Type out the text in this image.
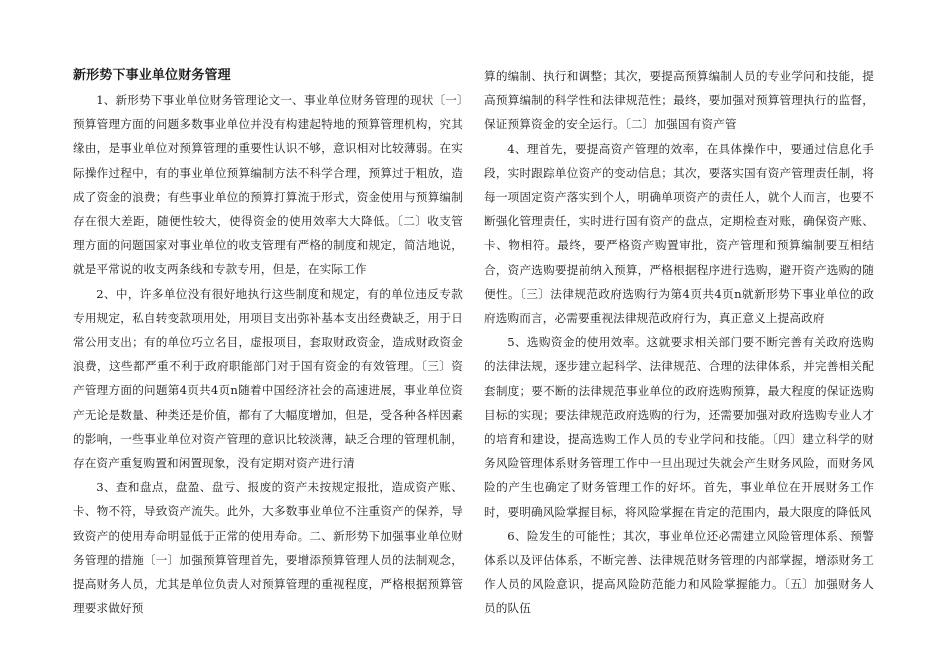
新形势下事业单位财务管理

1、新形势下事业单位财务管理论文一、事业单位财务管理的现状〔一〕预算管理方面的问题多数事业单位并没有构建起特地的预算管理机构，究其缘由，是事业单位对预算管理的重要性认识不够，意识相对比较薄弱。在实际操作过程中，有的事业单位预算编制方法不科学合理，预算过于粗放，造成了资金的浪费；有些事业单位的预算打算流于形式，资金使用与预算编制存在很大差距，随便性较大，使得资金的使用效率大大降低。〔二〕收支管理方面的问题国家对事业单位的收支管理有严格的制度和规定，简洁地说，就是平常说的收支两条线和专款专用，但是，在实际工作

2、中，许多单位没有很好地执行这些制度和规定，有的单位违反专款专用规定，私自转变款项用处，用项目支出弥补基本支出经费缺乏，用于日常公用支出；有的单位巧立名目，虚报项目，套取财政资金，造成财政资金浪费，这些都严重不利于政府职能部门对于国有资金的有效管理。〔三〕资产管理方面的问题第4页共4页n随着中国经济社会的高速进展，事业单位资产无论是数量、种类还是价值，都有了大幅度增加，但是，受各种各样因素的影响，一些事业单位对资产管理的意识比较淡薄，缺乏合理的管理机制，存在资产重复购置和闲置现象，没有定期对资产进行清

3、查和盘点，盘盈、盘亏、报废的资产未按规定报批，造成资产账、卡、物不符，导致资产流失。此外，大多数事业单位不注重资产的保养，导致资产的使用寿命明显低于正常的使用寿命。二、新形势下加强事业单位财务管理的措施〔一〕加强预算管理首先，要增添预算管理人员的法制观念，提高财务人员，尤其是单位负责人对预算管理的重视程度，严格根据预算管理要求做好预

算的编制、执行和调整；其次，要提高预算编制人员的专业学问和技能，提高预算编制的科学性和法律规范性；最终，要加强对预算管理执行的监督，保证预算资金的安全运行。〔二〕加强国有资产管

4、理首先，要提高资产管理的效率，在具体操作中，要通过信息化手段，实时跟踪单位资产的变动信息；其次，要落实国有资产管理责任制，将每一项固定资产落实到个人，明确单项资产的责任人，就个人而言，也要不断强化管理责任，实时进行国有资产的盘点，定期检查对账，确保资产账、卡、物相符。最终，要严格资产购置审批，资产管理和预算编制要互相结合，资产选购要提前纳入预算，严格根据程序进行选购，避开资产选购的随便性。〔三〕法律规范政府选购行为第4页共4页n就新形势下事业单位的政府选购而言，必需要重视法律规范政府行为，真正意义上提高政府

5、选购资金的使用效率。这就要求相关部门要不断完善有关政府选购的法律法规，逐步建立起科学、法律规范、合理的法律体系，并完善相关配套制度；要不断的法律规范事业单位的政府选购预算，最大程度的保证选购目标的实现；要法律规范政府选购的行为，还需要加强对政府选购专业人才的培育和建设，提高选购工作人员的专业学问和技能。〔四〕建立科学的财务风险管理体系财务管理工作中一旦出现过失就会产生财务风险，而财务风险的产生也确定了财务管理工作的好坏。首先，事业单位在开展财务工作时，要明确风险掌握目标，将风险掌握在肯定的范围内，最大限度的降低风

6、险发生的可能性；其次，事业单位还必需建立风险管理体系、预警体系以及评估体系，不断完善、法律规范财务管理的内部掌握，增添财务工作人员的风险意识，提高风险防范能力和风险掌握能力。〔五〕加强财务人员的队伍
